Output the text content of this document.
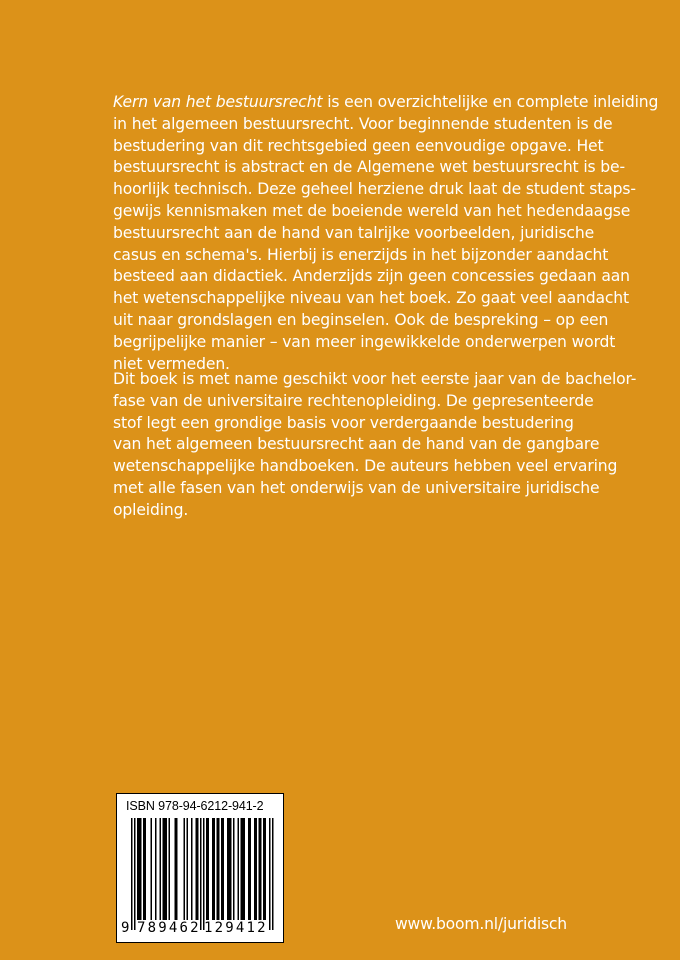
Kern van het bestuursrecht is een overzichtelijke en complete inleiding
in het algemeen bestuursrecht. Voor beginnende studenten is de
bestudering van dit rechtsgebied geen eenvoudige opgave. Het
bestuursrecht is abstract en de Algemene wet bestuursrecht is be-
hoorlijk technisch. Deze geheel herziene druk laat de student staps-
gewijs kennismaken met de boeiende wereld van het hedendaagse
bestuursrecht aan de hand van talrijke voorbeelden, juridische
casus en schema's. Hierbij is enerzijds in het bijzonder aandacht
besteed aan didactiek. Anderzijds zijn geen concessies gedaan aan
het wetenschappelijke niveau van het boek. Zo gaat veel aandacht
uit naar grondslagen en beginselen. Ook de bespreking – op een
begrijpelijke manier – van meer ingewikkelde onderwerpen wordt
niet vermeden.
Dit boek is met name geschikt voor het eerste jaar van de bachelor-
fase van de universitaire rechtenopleiding. De gepresenteerde
stof legt een grondige basis voor verdergaande bestudering
van het algemeen bestuursrecht aan de hand van de gangbare
wetenschappelijke handboeken. De auteurs hebben veel ervaring
met alle fasen van het onderwijs van de universitaire juridische
opleiding.
ISBN 978-94-6212-941-2
9 789462 129412	www.boom.nl/juridisch
